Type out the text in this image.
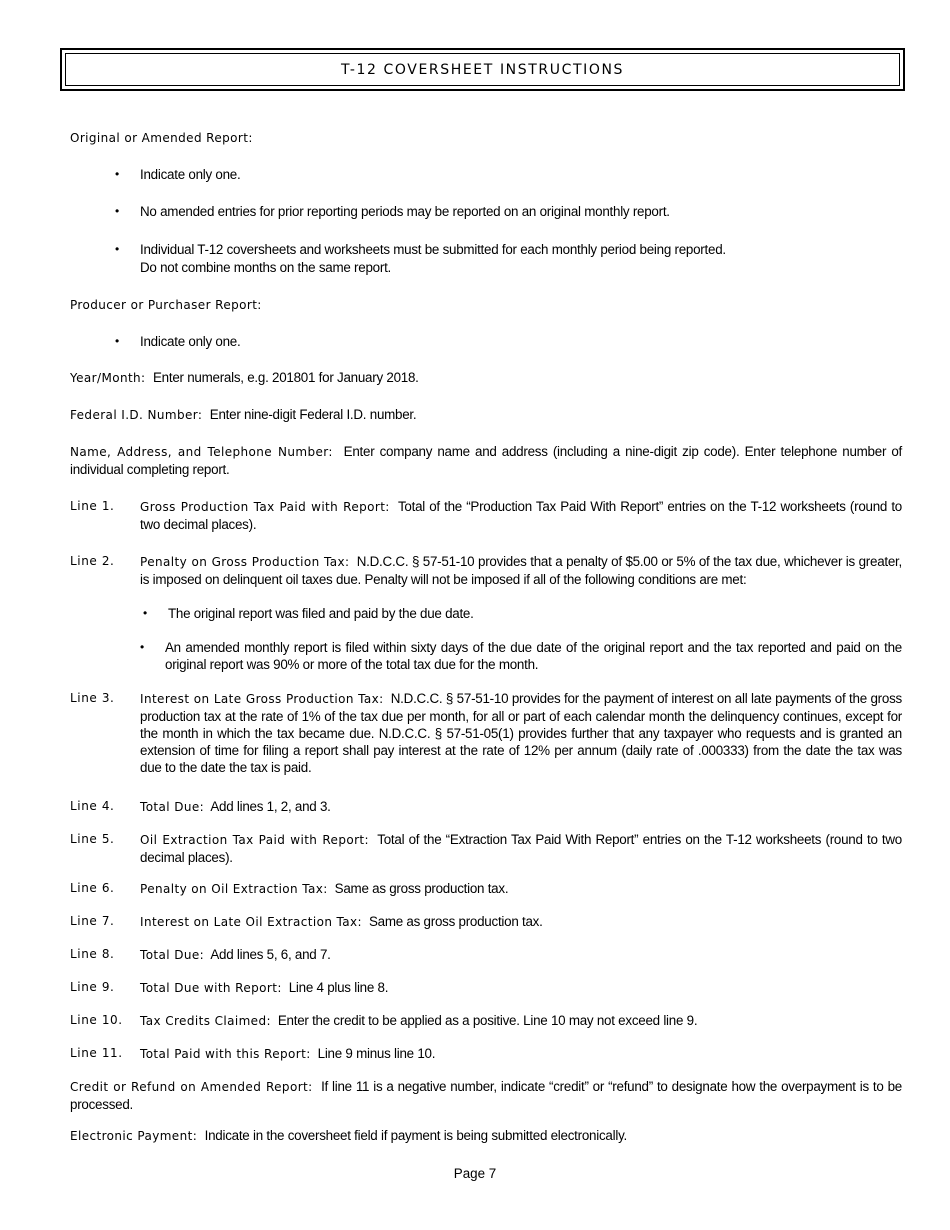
T-12 COVERSHEET INSTRUCTIONS
Original or Amended Report:
• Indicate only one.
• No amended entries for prior reporting periods may be reported on an original monthly report.
• Individual T-12 coversheets and worksheets must be submitted for each monthly period being reported.
Do not combine months on the same report.
Producer or Purchaser Report:
• Indicate only one.
Year/Month: Enter numerals, e.g. 201801 for January 2018.
Federal I.D. Number: Enter nine-digit Federal I.D. number.
Name, Address, and Telephone Number: Enter company name and address (including a nine-digit zip code). Enter telephone number of individual completing report.
Line 1. Gross Production Tax Paid with Report: Total of the “Production Tax Paid With Report” entries on the T-12 worksheets (round to two decimal places).
Line 2. Penalty on Gross Production Tax: N.D.C.C. § 57-51-10 provides that a penalty of $5.00 or 5% of the tax due, whichever is greater, is imposed on delinquent oil taxes due. Penalty will not be imposed if all of the following conditions are met:
• The original report was filed and paid by the due date.
• An amended monthly report is filed within sixty days of the due date of the original report and the tax reported and paid on the original report was 90% or more of the total tax due for the month.
Line 3. Interest on Late Gross Production Tax: N.D.C.C. § 57-51-10 provides for the payment of interest on all late payments of the gross production tax at the rate of 1% of the tax due per month, for all or part of each calendar month the delinquency continues, except for the month in which the tax became due. N.D.C.C. § 57-51-05(1) provides further that any taxpayer who requests and is granted an extension of time for filing a report shall pay interest at the rate of 12% per annum (daily rate of .000333) from the date the tax was due to the date the tax is paid.
Line 4. Total Due: Add lines 1, 2, and 3.
Line 5. Oil Extraction Tax Paid with Report: Total of the “Extraction Tax Paid With Report” entries on the T-12 worksheets (round to two decimal places).
Line 6. Penalty on Oil Extraction Tax: Same as gross production tax.
Line 7. Interest on Late Oil Extraction Tax: Same as gross production tax.
Line 8. Total Due: Add lines 5, 6, and 7.
Line 9. Total Due with Report: Line 4 plus line 8.
Line 10. Tax Credits Claimed: Enter the credit to be applied as a positive. Line 10 may not exceed line 9.
Line 11. Total Paid with this Report: Line 9 minus line 10.
Credit or Refund on Amended Report: If line 11 is a negative number, indicate “credit” or “refund” to designate how the overpayment is to be processed.
Electronic Payment: Indicate in the coversheet field if payment is being submitted electronically.
Page 7
